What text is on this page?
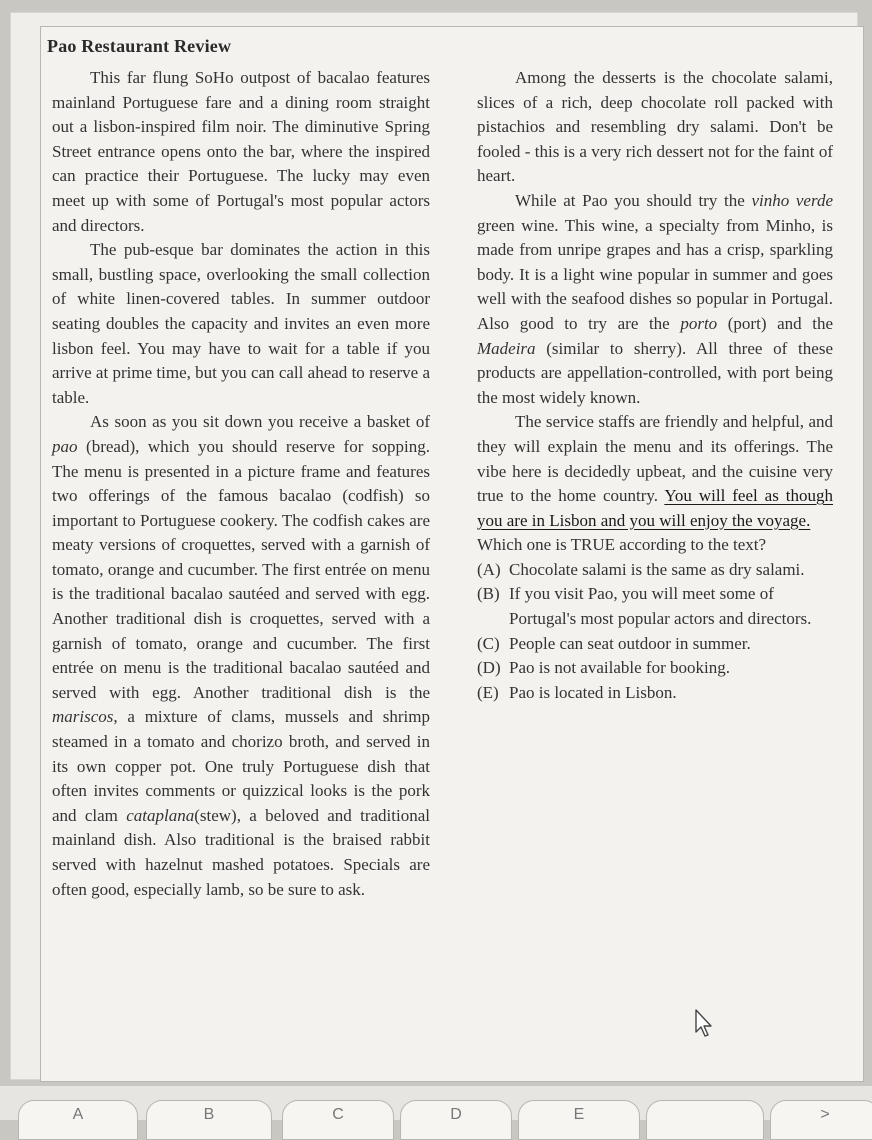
Pao Restaurant Review

This far flung SoHo outpost of bacalao features mainland Portuguese fare and a dining room straight out a lisbon-inspired film noir. The diminutive Spring Street entrance opens onto the bar, where the inspired can practice their Portuguese. The lucky may even meet up with some of Portugal's most popular actors and directors.

The pub-esque bar dominates the action in this small, bustling space, overlooking the small collection of white linen-covered tables. In summer outdoor seating doubles the capacity and invites an even more lisbon feel. You may have to wait for a table if you arrive at prime time, but you can call ahead to reserve a table.

As soon as you sit down you receive a basket of pao (bread), which you should reserve for sopping. The menu is presented in a picture frame and features two offerings of the famous bacalao (codfish) so important to Portuguese cookery. The codfish cakes are meaty versions of croquettes, served with a garnish of tomato, orange and cucumber. The first entrée on menu is the traditional bacalao sautéed and served with egg. Another traditional dish is croquettes, served with a garnish of tomato, orange and cucumber. The first entrée on menu is the traditional bacalao sautéed and served with egg. Another traditional dish is the mariscos, a mixture of clams, mussels and shrimp steamed in a tomato and chorizo broth, and served in its own copper pot. One truly Portuguese dish that often invites comments or quizzical looks is the pork and clam cataplana(stew), a beloved and traditional mainland dish. Also traditional is the braised rabbit served with hazelnut mashed potatoes. Specials are often good, especially lamb, so be sure to ask.

Among the desserts is the chocolate salami, slices of a rich, deep chocolate roll packed with pistachios and resembling dry salami. Don't be fooled - this is a very rich dessert not for the faint of heart.

While at Pao you should try the vinho verde green wine. This wine, a specialty from Minho, is made from unripe grapes and has a crisp, sparkling body. It is a light wine popular in summer and goes well with the seafood dishes so popular in Portugal. Also good to try are the porto (port) and the Madeira (similar to sherry). All three of these products are appellation-controlled, with port being the most widely known.

The service staffs are friendly and helpful, and they will explain the menu and its offerings. The vibe here is decidedly upbeat, and the cuisine very true to the home country. You will feel as though you are in Lisbon and you will enjoy the voyage.

Which one is TRUE according to the text?

(A) Chocolate salami is the same as dry salami.
(B) If you visit Pao, you will meet some of Portugal's most popular actors and directors.
(C) People can seat outdoor in summer.
(D) Pao is not available for booking.
(E) Pao is located in Lisbon.
A	B	C	D	E	>
